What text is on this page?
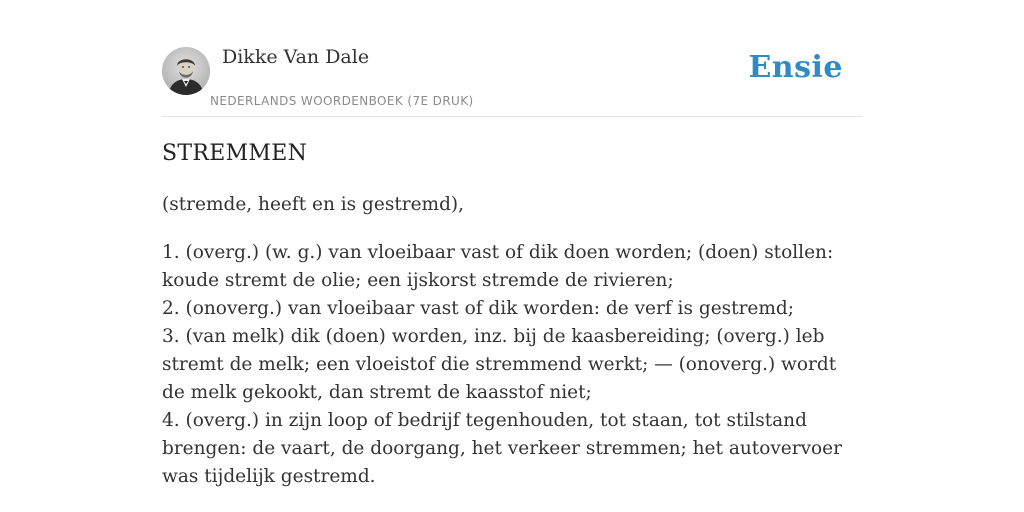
Dikke Van Dale
NEDERLANDS WOORDENBOEK (7E DRUK)
Ensie
STREMMEN
(stremde, heeft en is gestremd),
1. (overg.) (w. g.) van vloeibaar vast of dik doen worden; (doen) stollen: koude stremt de olie; een ijskorst stremde de rivieren;
2. (onoverg.) van vloeibaar vast of dik worden: de verf is gestremd;
3. (van melk) dik (doen) worden, inz. bij de kaasbereiding; (overg.) leb stremt de melk; een vloeistof die stremmend werkt; — (onoverg.) wordt de melk gekookt, dan stremt de kaasstof niet;
4. (overg.) in zijn loop of bedrijf tegenhouden, tot staan, tot stilstand brengen: de vaart, de doorgang, het verkeer stremmen; het autovervoer was tijdelijk gestremd.
